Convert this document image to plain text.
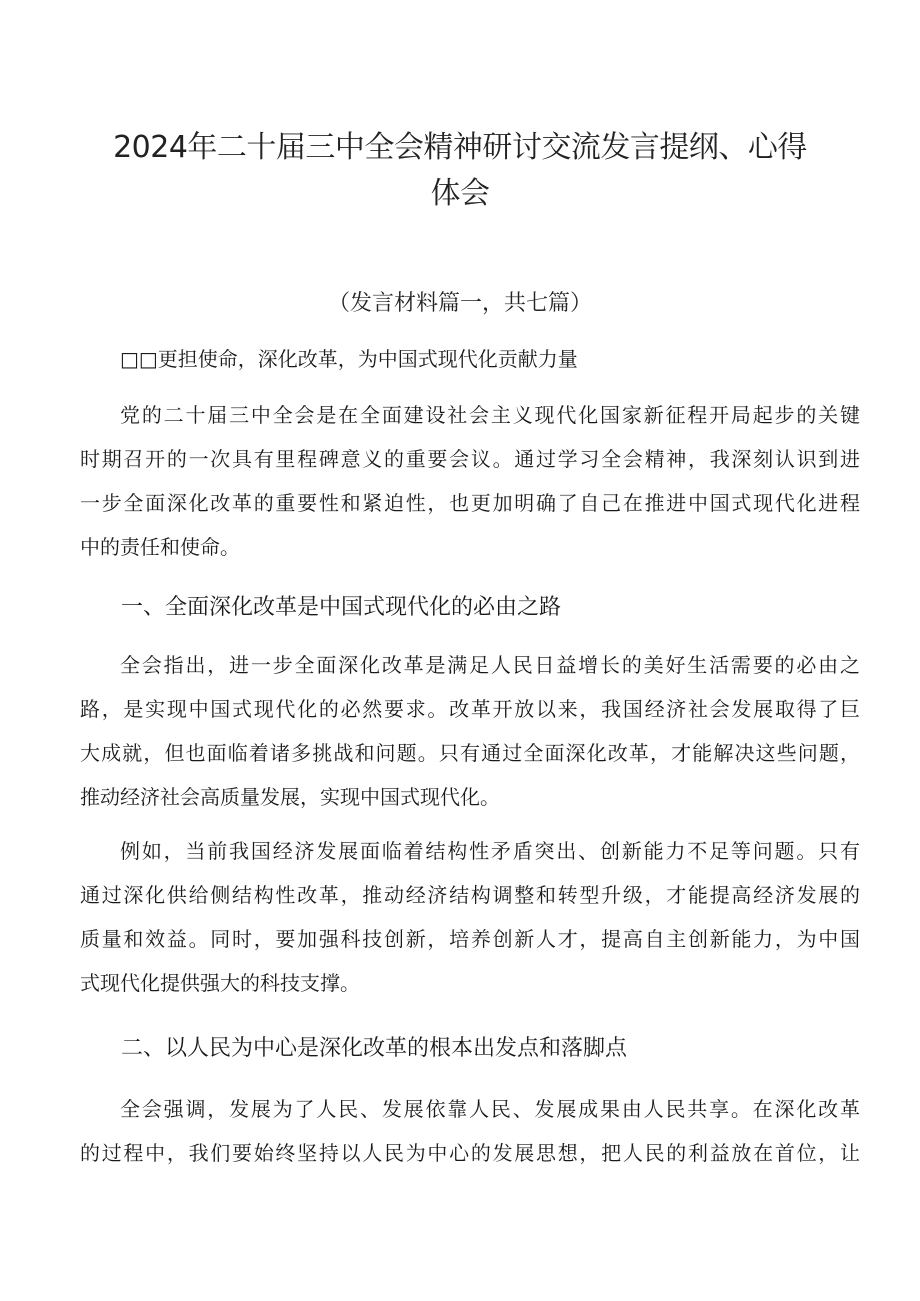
2024年二十届三中全会精神研讨交流发言提纲、心得
体会
（发言材料篇一，共七篇）
□□更担使命，深化改革，为中国式现代化贡献力量
党的二十届三中全会是在全面建设社会主义现代化国家新征程开局起步的关键
时期召开的一次具有里程碑意义的重要会议。通过学习全会精神，我深刻认识到进
一步全面深化改革的重要性和紧迫性，也更加明确了自己在推进中国式现代化进程
中的责任和使命。
一、全面深化改革是中国式现代化的必由之路
全会指出，进一步全面深化改革是满足人民日益增长的美好生活需要的必由之
路，是实现中国式现代化的必然要求。改革开放以来，我国经济社会发展取得了巨
大成就，但也面临着诸多挑战和问题。只有通过全面深化改革，才能解决这些问题，
推动经济社会高质量发展，实现中国式现代化。
例如，当前我国经济发展面临着结构性矛盾突出、创新能力不足等问题。只有
通过深化供给侧结构性改革，推动经济结构调整和转型升级，才能提高经济发展的
质量和效益。同时，要加强科技创新，培养创新人才，提高自主创新能力，为中国
式现代化提供强大的科技支撑。
二、以人民为中心是深化改革的根本出发点和落脚点
全会强调，发展为了人民、发展依靠人民、发展成果由人民共享。在深化改革
的过程中，我们要始终坚持以人民为中心的发展思想，把人民的利益放在首位，让
